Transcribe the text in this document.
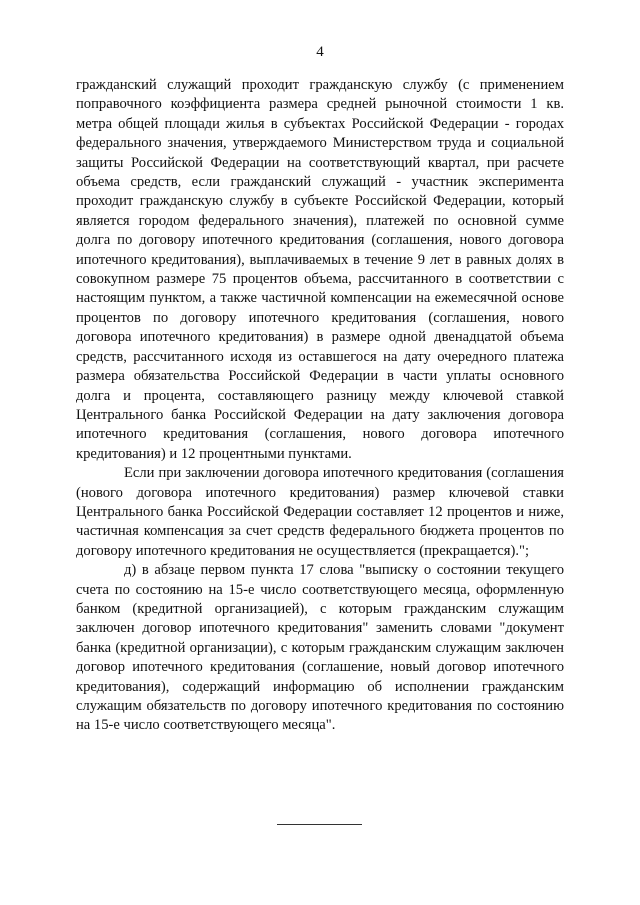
4

гражданский служащий проходит гражданскую службу (с применением поправочного коэффициента размера средней рыночной стоимости 1 кв. метра общей площади жилья в субъектах Российской Федерации - городах федерального значения, утверждаемого Министерством труда и социальной защиты Российской Федерации на соответствующий квартал, при расчете объема средств, если гражданский служащий - участник эксперимента проходит гражданскую службу в субъекте Российской Федерации, который является городом федерального значения), платежей по основной сумме долга по договору ипотечного кредитования (соглашения, нового договора ипотечного кредитования), выплачиваемых в течение 9 лет в равных долях в совокупном размере 75 процентов объема, рассчитанного в соответствии с настоящим пунктом, а также частичной компенсации на ежемесячной основе процентов по договору ипотечного кредитования (соглашения, нового договора ипотечного кредитования) в размере одной двенадцатой объема средств, рассчитанного исходя из оставшегося на дату очередного платежа размера обязательства Российской Федерации в части уплаты основного долга и процента, составляющего разницу между ключевой ставкой Центрального банка Российской Федерации на дату заключения договора ипотечного кредитования (соглашения, нового договора ипотечного кредитования) и 12 процентными пунктами.

Если при заключении договора ипотечного кредитования (соглашения (нового договора ипотечного кредитования) размер ключевой ставки Центрального банка Российской Федерации составляет 12 процентов и ниже, частичная компенсация за счет средств федерального бюджета процентов по договору ипотечного кредитования не осуществляется (прекращается).";

д) в абзаце первом пункта 17 слова "выписку о состоянии текущего счета по состоянию на 15-е число соответствующего месяца, оформленную банком (кредитной организацией), с которым гражданским служащим заключен договор ипотечного кредитования" заменить словами "документ банка (кредитной организации), с которым гражданским служащим заключен договор ипотечного кредитования (соглашение, новый договор ипотечного кредитования), содержащий информацию об исполнении гражданским служащим обязательств по договору ипотечного кредитования по состоянию на 15-е число соответствующего месяца".
